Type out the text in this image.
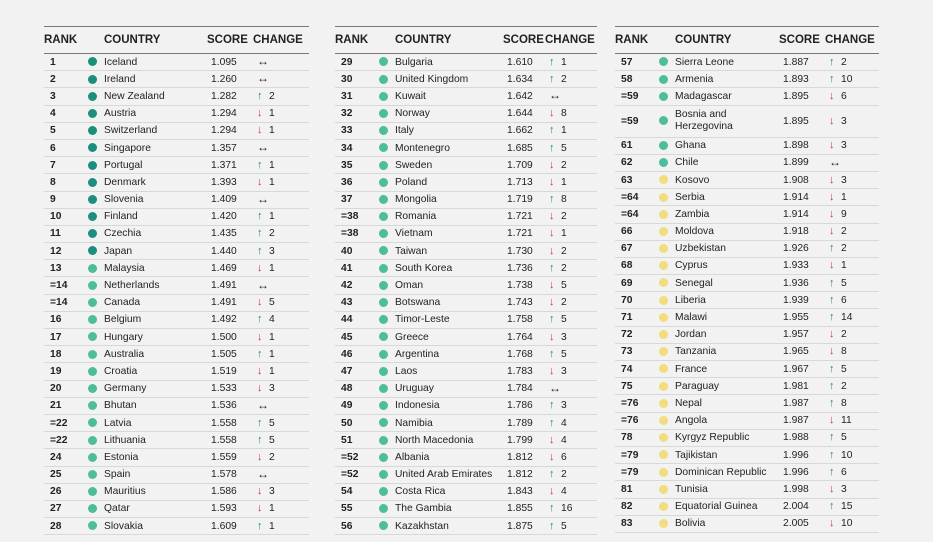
RANK		COUNTRY	SCORE	CHANGE
1		Iceland	1.095	↔
2		Ireland	1.260	↔
3		New Zealand	1.282	↑ 2
4		Austria	1.294	↓ 1
5		Switzerland	1.294	↓ 1
6		Singapore	1.357	↔
7		Portugal	1.371	↑ 1
8		Denmark	1.393	↓ 1
9		Slovenia	1.409	↔
10		Finland	1.420	↑ 1
11		Czechia	1.435	↑ 2
12		Japan	1.440	↑ 3
13		Malaysia	1.469	↓ 1
=14		Netherlands	1.491	↔
=14		Canada	1.491	↓ 5
16		Belgium	1.492	↑ 4
17		Hungary	1.500	↓ 1
18		Australia	1.505	↑ 1
19		Croatia	1.519	↓ 1
20		Germany	1.533	↓ 3
21		Bhutan	1.536	↔
=22		Latvia	1.558	↑ 5
=22		Lithuania	1.558	↑ 5
24		Estonia	1.559	↓ 2
25		Spain	1.578	↔
26		Mauritius	1.586	↓ 3
27		Qatar	1.593	↓ 1
28		Slovakia	1.609	↑ 1
RANK		COUNTRY	SCORE	CHANGE
29		Bulgaria	1.610	↑ 1
30		United Kingdom	1.634	↑ 2
31		Kuwait	1.642	↔
32		Norway	1.644	↓ 8
33		Italy	1.662	↑ 1
34		Montenegro	1.685	↑ 5
35		Sweden	1.709	↓ 2
36		Poland	1.713	↓ 1
37		Mongolia	1.719	↑ 8
=38		Romania	1.721	↓ 2
=38		Vietnam	1.721	↓ 1
40		Taiwan	1.730	↓ 2
41		South Korea	1.736	↑ 2
42		Oman	1.738	↓ 5
43		Botswana	1.743	↓ 2
44		Timor-Leste	1.758	↑ 5
45		Greece	1.764	↓ 3
46		Argentina	1.768	↑ 5
47		Laos	1.783	↓ 3
48		Uruguay	1.784	↔
49		Indonesia	1.786	↑ 3
50		Namibia	1.789	↑ 4
51		North Macedonia	1.799	↓ 4
=52		Albania	1.812	↓ 6
=52		United Arab Emirates	1.812	↑ 2
54		Costa Rica	1.843	↓ 4
55		The Gambia	1.855	↑ 16
56		Kazakhstan	1.875	↑ 5
RANK		COUNTRY	SCORE	CHANGE
57		Sierra Leone	1.887	↑ 2
58		Armenia	1.893	↑ 10
=59		Madagascar	1.895	↓ 6
=59		Bosnia and Herzegovina	1.895	↓ 3
61		Ghana	1.898	↓ 3
62		Chile	1.899	↔
63		Kosovo	1.908	↓ 3
=64		Serbia	1.914	↓ 1
=64		Zambia	1.914	↓ 9
66		Moldova	1.918	↓ 2
67		Uzbekistan	1.926	↑ 2
68		Cyprus	1.933	↓ 1
69		Senegal	1.936	↑ 5
70		Liberia	1.939	↑ 6
71		Malawi	1.955	↑ 14
72		Jordan	1.957	↓ 2
73		Tanzania	1.965	↓ 8
74		France	1.967	↑ 5
75		Paraguay	1.981	↑ 2
=76		Nepal	1.987	↑ 8
=76		Angola	1.987	↓ 11
78		Kyrgyz Republic	1.988	↑ 5
=79		Tajikistan	1.996	↑ 10
=79		Dominican Republic	1.996	↑ 6
81		Tunisia	1.998	↓ 3
82		Equatorial Guinea	2.004	↑ 15
83		Bolivia	2.005	↓ 10
